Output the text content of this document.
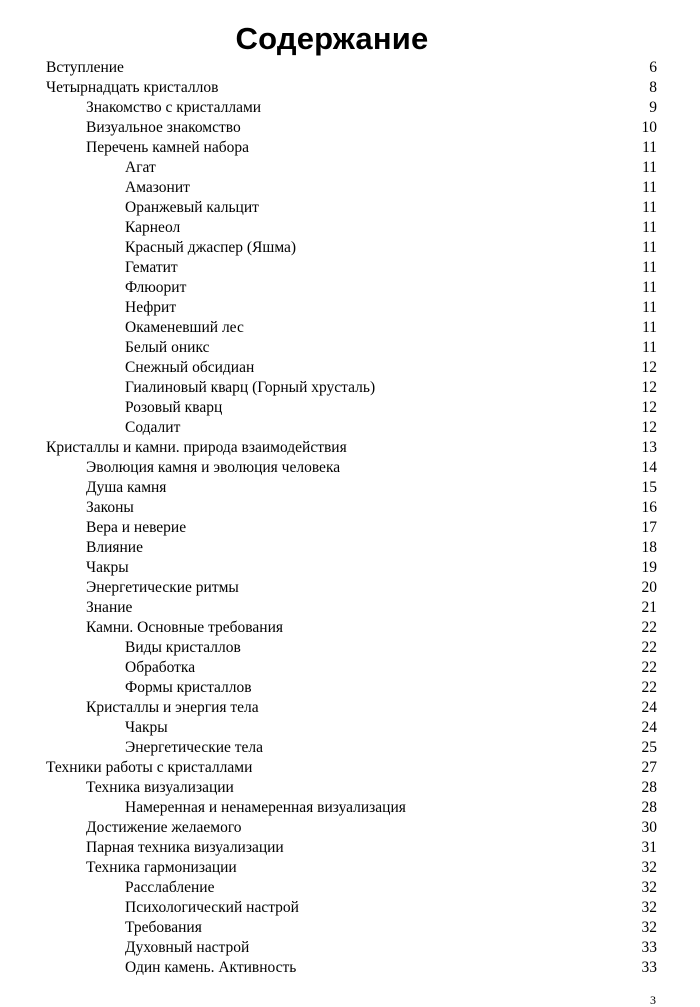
Содержание
Вступление	6
Четырнадцать кристаллов	8
Знакомство с кристаллами	9
Визуальное знакомство	10
Перечень камней набора	11
Агат	11
Амазонит	11
Оранжевый кальцит	11
Карнеол	11
Красный джаспер (Яшма)	11
Гематит	11
Флюорит	11
Нефрит	11
Окаменевший лес	11
Белый оникс	11
Снежный обсидиан	12
Гиалиновый кварц (Горный хрусталь)	12
Розовый кварц	12
Содалит	12
Кристаллы и камни. природа взаимодействия	13
Эволюция камня и эволюция человека	14
Душа камня	15
Законы	16
Вера и неверие	17
Влияние	18
Чакры	19
Энергетические ритмы	20
Знание	21
Камни. Основные требования	22
Виды кристаллов	22
Обработка	22
Формы кристаллов	22
Кристаллы и энергия тела	24
Чакры	24
Энергетические тела	25
Техники работы с кристаллами	27
Техника визуализации	28
Намеренная и ненамеренная визуализация	28
Достижение желаемого	30
Парная техника визуализации	31
Техника гармонизации	32
Расслабление	32
Психологический настрой	32
Требования	32
Духовный настрой	33
Один камень. Активность	33
3
